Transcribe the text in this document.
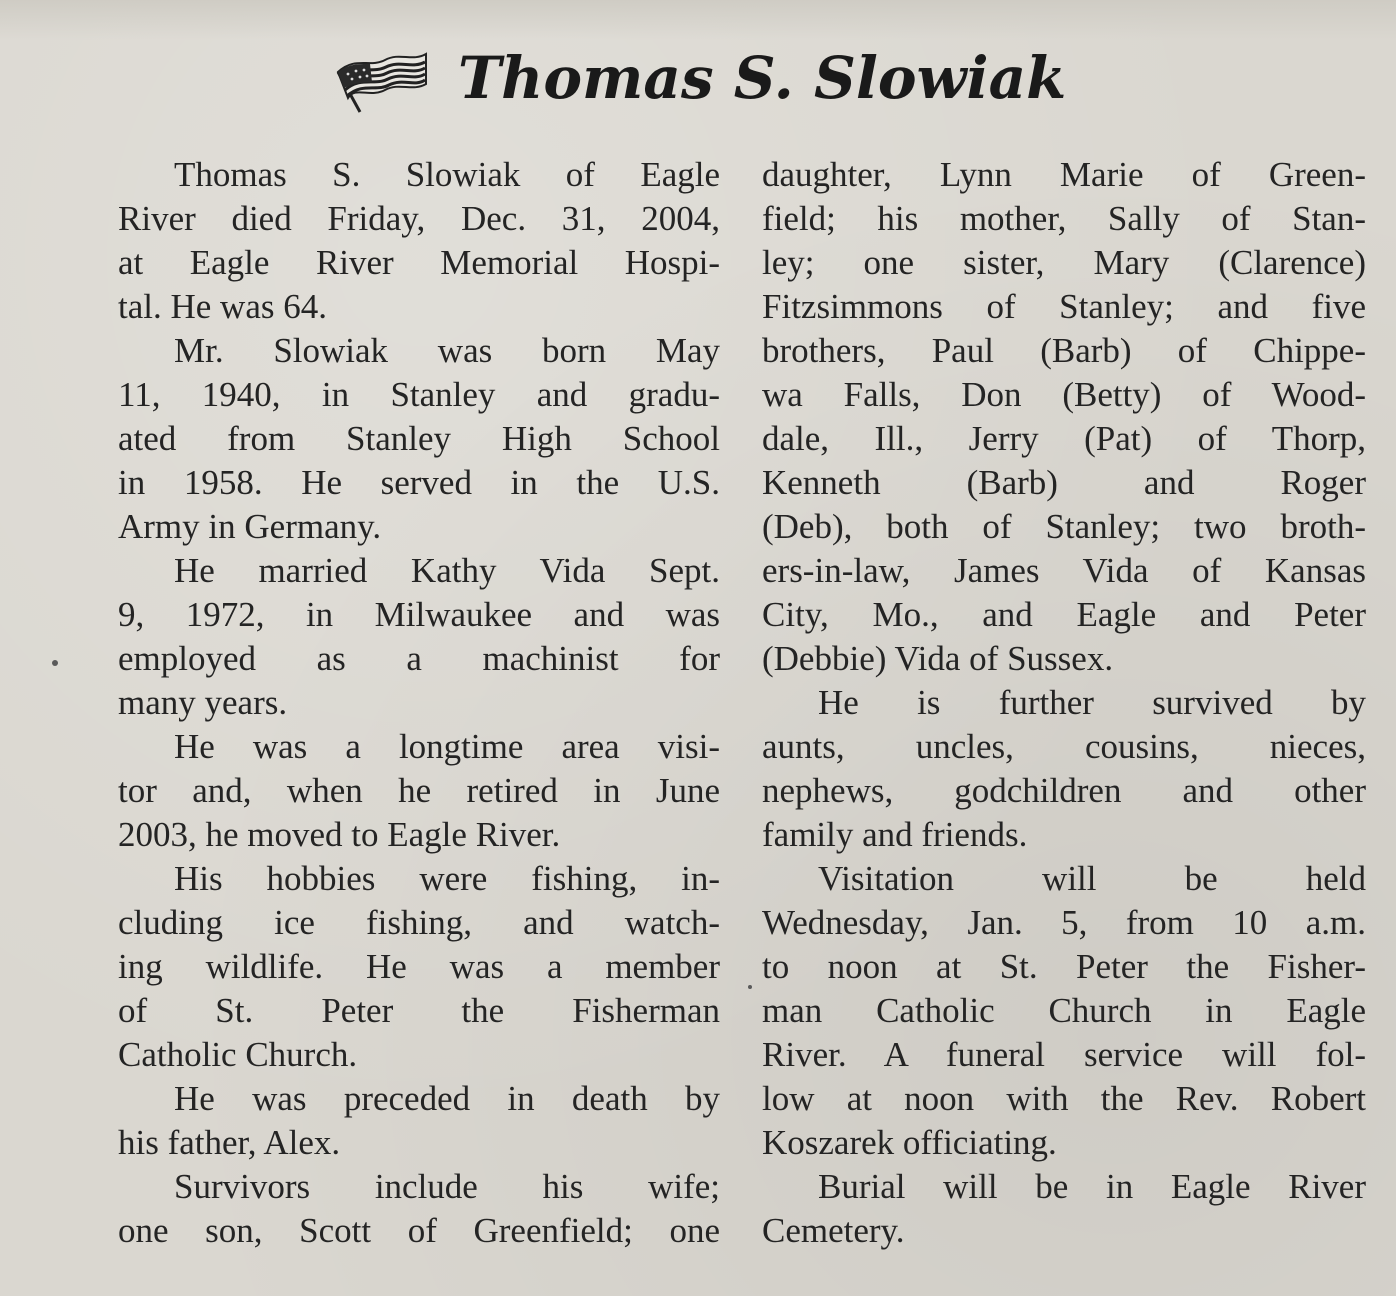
Thomas S. Slowiak
Thomas S. Slowiak of Eagle
River died Friday, Dec. 31, 2004,
at Eagle River Memorial Hospi-
tal. He was 64.
Mr. Slowiak was born May
11, 1940, in Stanley and gradu-
ated from Stanley High School
in 1958. He served in the U.S.
Army in Germany.
He married Kathy Vida Sept.
9, 1972, in Milwaukee and was
employed as a machinist for
many years.
He was a longtime area visi-
tor and, when he retired in June
2003, he moved to Eagle River.
His hobbies were fishing, in-
cluding ice fishing, and watch-
ing wildlife. He was a member
of St. Peter the Fisherman
Catholic Church.
He was preceded in death by
his father, Alex.
Survivors include his wife;
one son, Scott of Greenfield; one
daughter, Lynn Marie of Green-
field; his mother, Sally of Stan-
ley; one sister, Mary (Clarence)
Fitzsimmons of Stanley; and five
brothers, Paul (Barb) of Chippe-
wa Falls, Don (Betty) of Wood-
dale, Ill., Jerry (Pat) of Thorp,
Kenneth (Barb) and Roger
(Deb), both of Stanley; two broth-
ers-in-law, James Vida of Kansas
City, Mo., and Eagle and Peter
(Debbie) Vida of Sussex.
He is further survived by
aunts, uncles, cousins, nieces,
nephews, godchildren and other
family and friends.
Visitation will be held
Wednesday, Jan. 5, from 10 a.m.
to noon at St. Peter the Fisher-
man Catholic Church in Eagle
River. A funeral service will fol-
low at noon with the Rev. Robert
Koszarek officiating.
Burial will be in Eagle River
Cemetery.
